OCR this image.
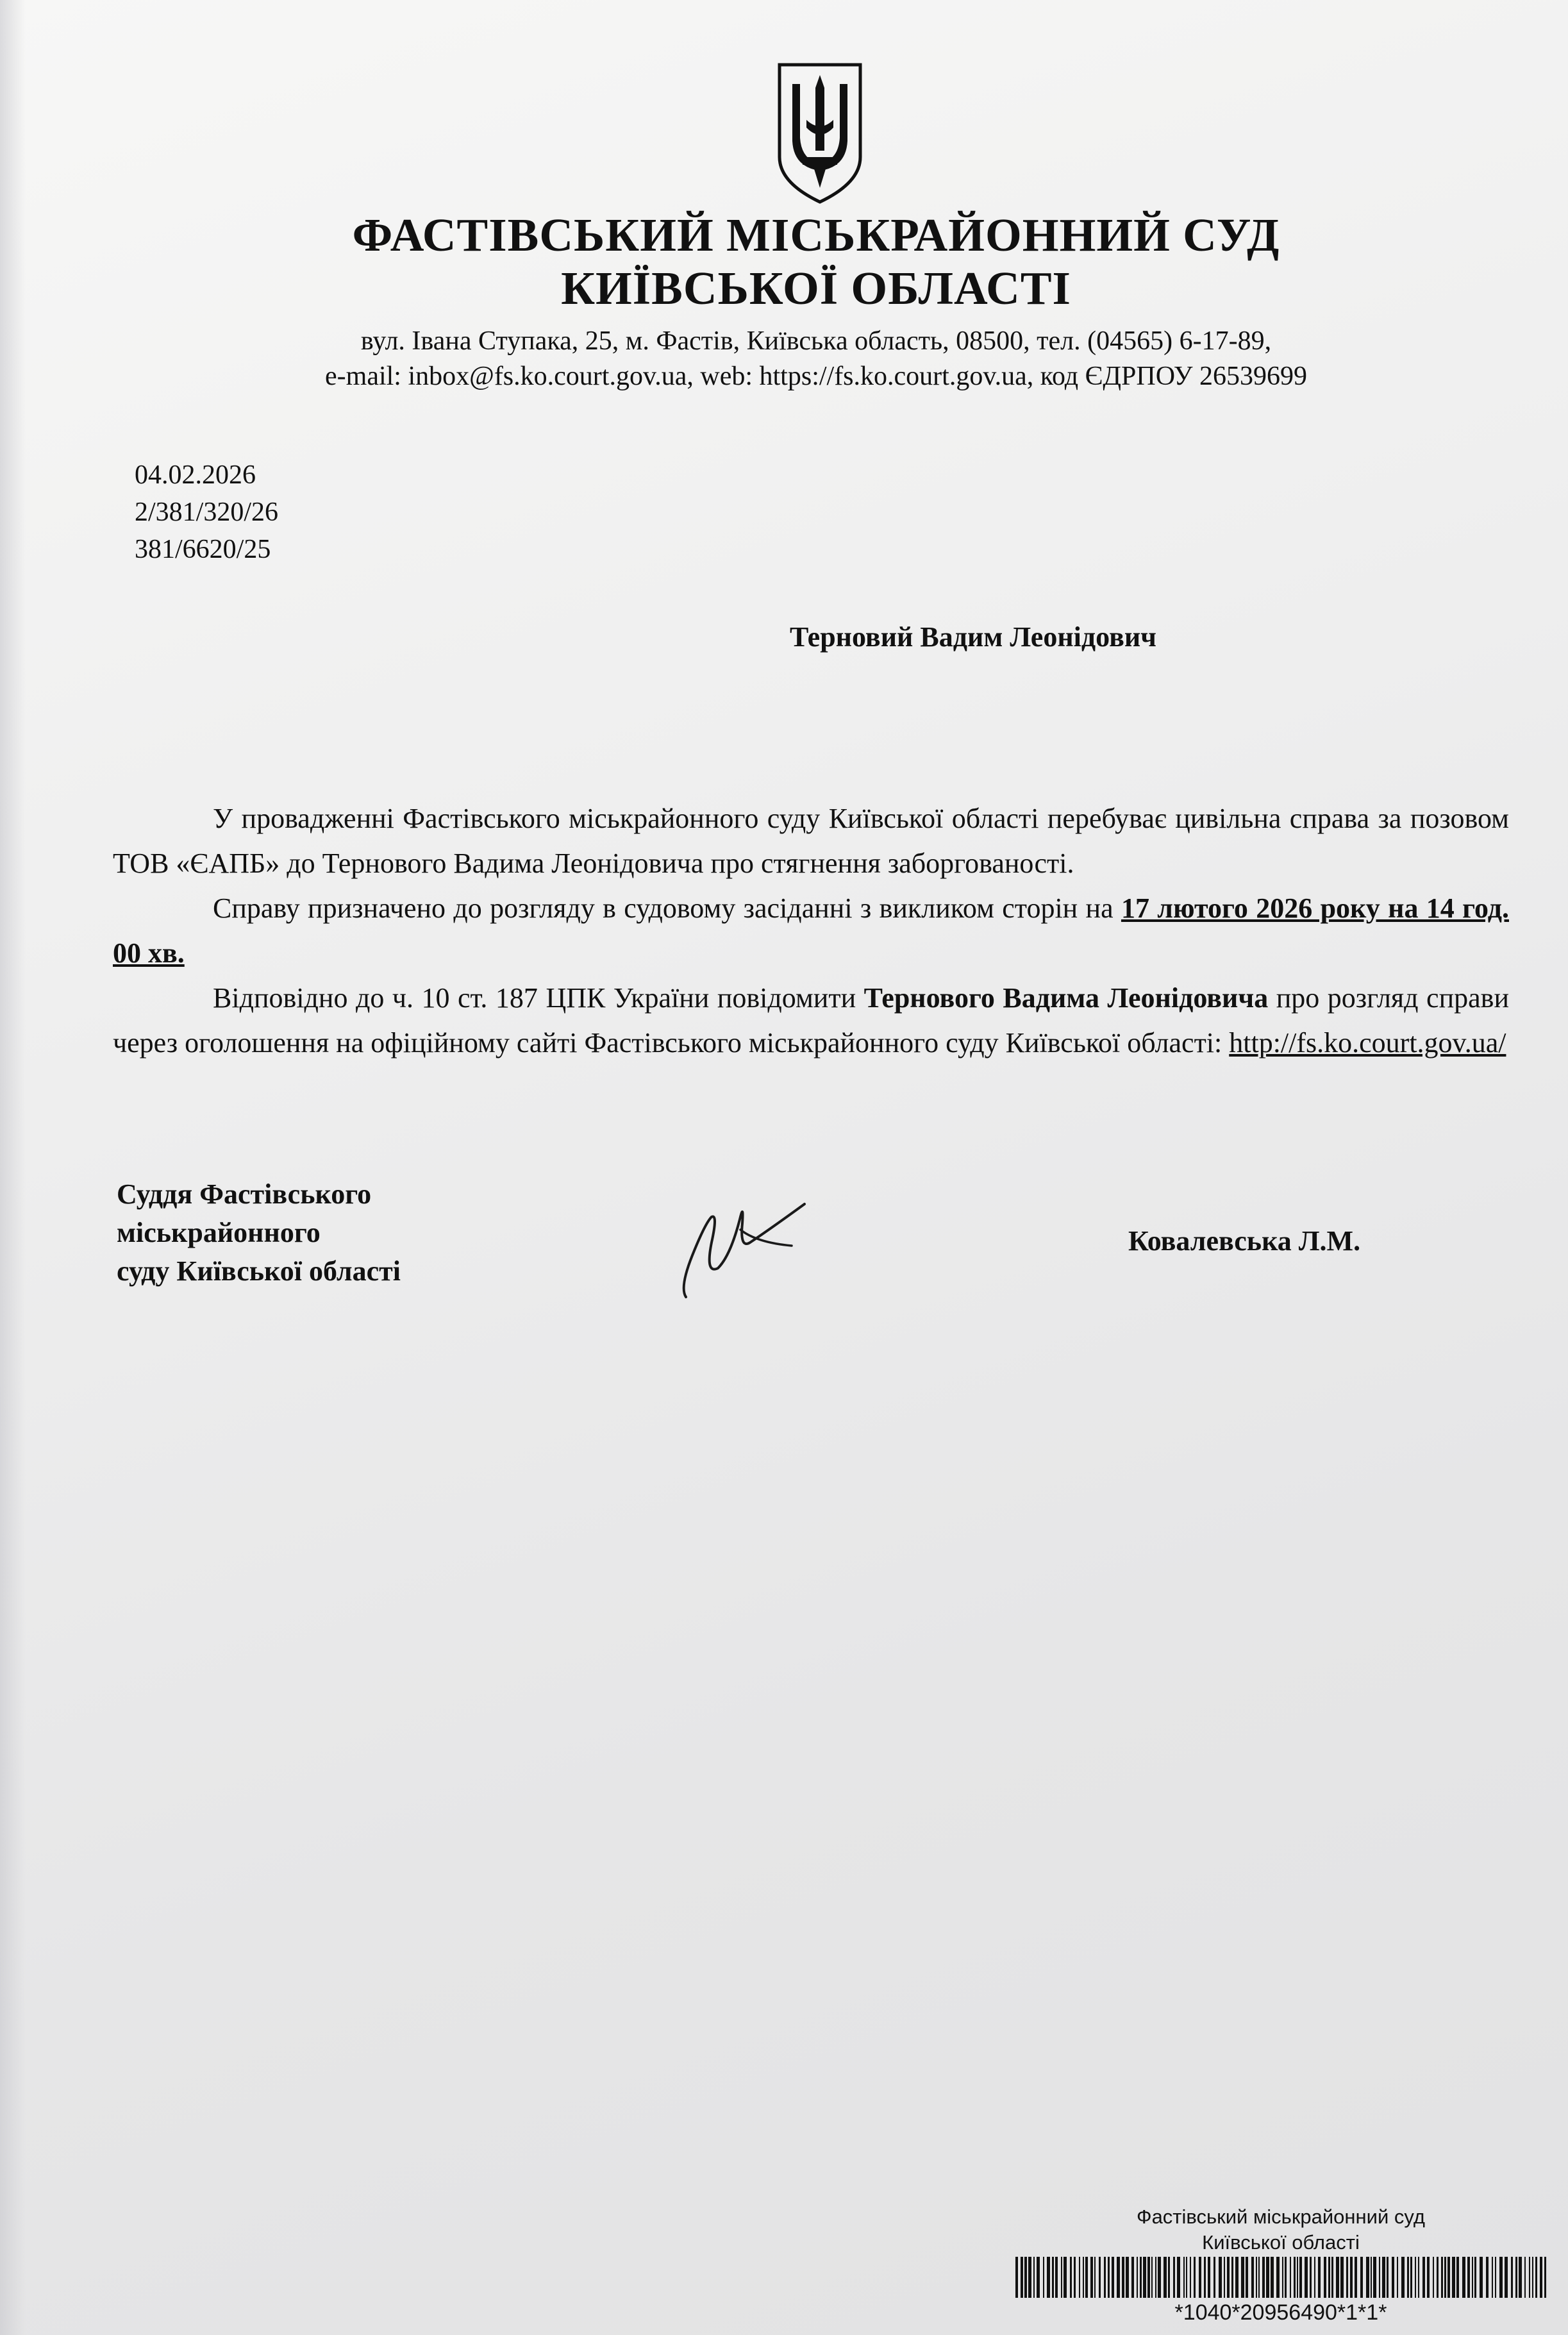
ФАСТІВСЬКИЙ МІСЬКРАЙОННИЙ СУД
КИЇВСЬКОЇ ОБЛАСТІ
вул. Івана Ступака, 25, м. Фастів, Київська область, 08500, тел. (04565) 6-17-89,
e-mail: inbox@fs.ko.court.gov.ua, web: https://fs.ko.court.gov.ua, код ЄДРПОУ 26539699
04.02.2026
2/381/320/26
381/6620/25
Терновий Вадим Леонідович

У провадженні Фастівського міськрайонного суду Київської області перебуває цивільна справа за позовом ТОВ «ЄАПБ» до Тернового Вадима Леонідовича про стягнення заборгованості.

Справу призначено до розгляду в судовому засіданні з викликом сторін на 17 лютого 2026 року на 14 год. 00 хв.

Відповідно до ч. 10 ст. 187 ЦПК України повідомити Тернового Вадима Леонідовича про розгляд справи через оголошення на офіційному сайті Фастівського міськрайонного суду Київської області: http://fs.ko.court.gov.ua/

Суддя Фастівського
міськрайонного
суду Київської області
Ковалевська Л.М.
Фастівський міськрайонний суд
Київської області
*1040*20956490*1*1*
